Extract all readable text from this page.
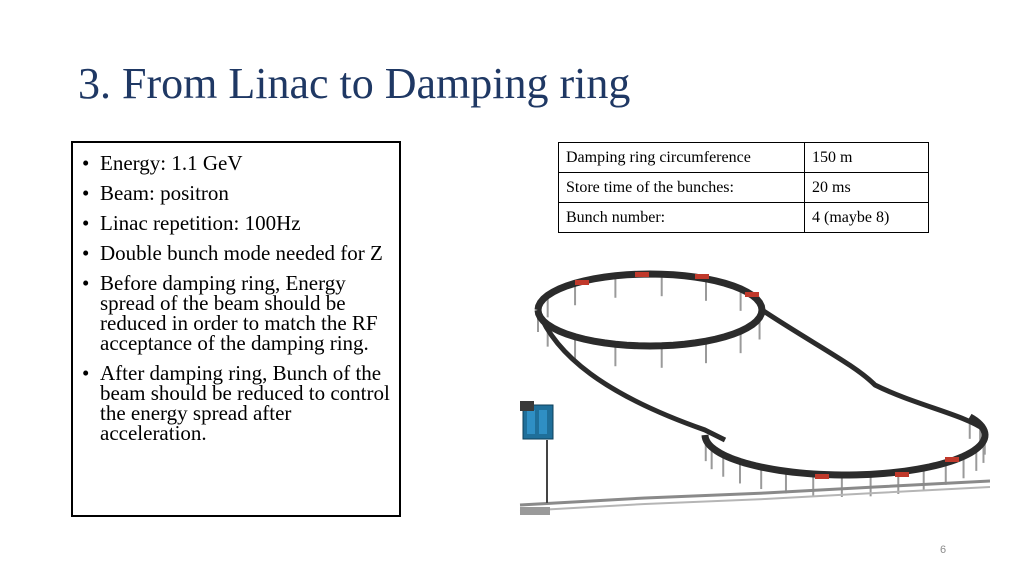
3. From Linac to Damping ring
• Energy: 1.1 GeV
• Beam: positron
• Linac repetition: 100Hz
• Double bunch mode needed for Z
• Before damping ring, Energy spread of the beam should be reduced in order to match the RF acceptance of the damping ring.
• After damping ring, Bunch of the beam should be reduced to control the energy spread after acceleration.
Damping ring circumference	150 m
Store time of the bunches:	20 ms
Bunch number:	4 (maybe 8)
6
